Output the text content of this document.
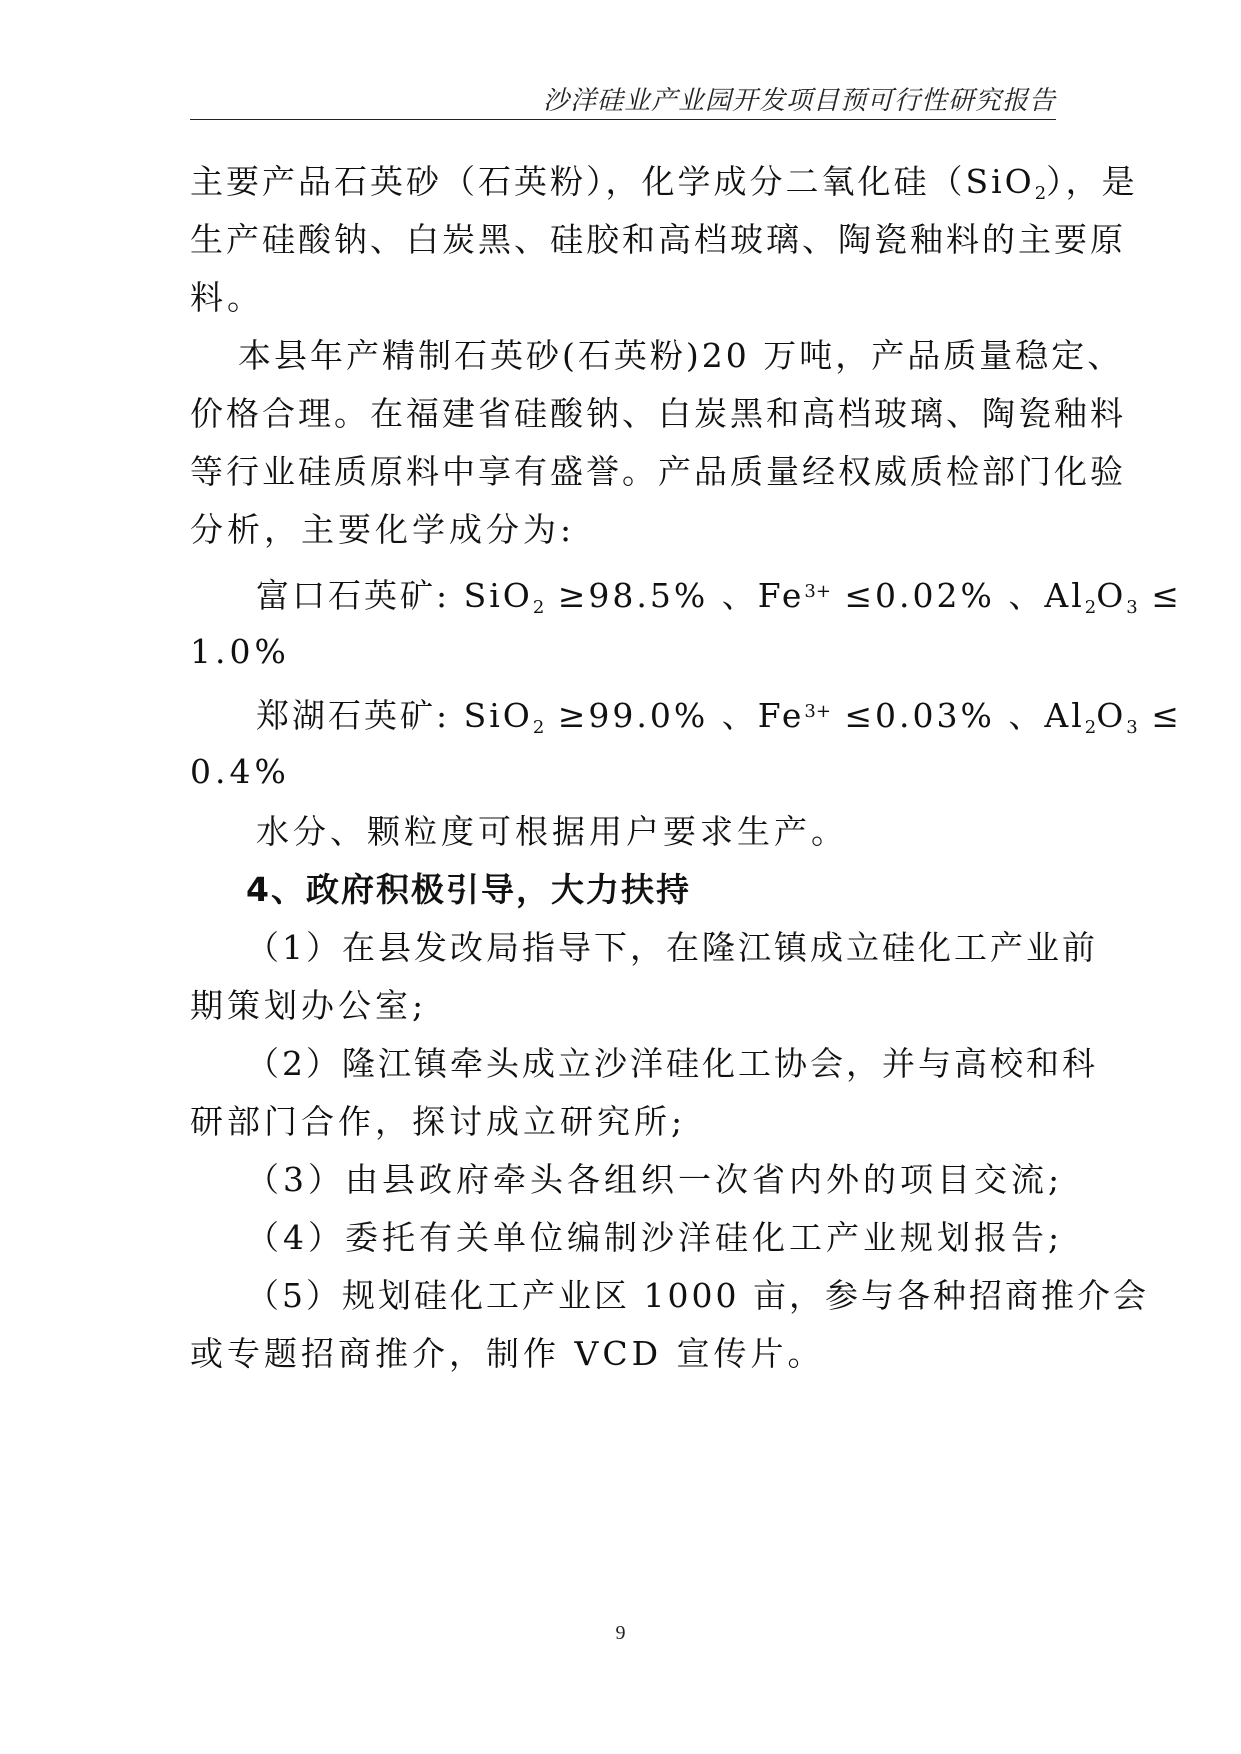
沙洋硅业产业园开发项目预可行性研究报告
主要产品石英砂（石英粉），化学成分二氧化硅（SiO$_2$），是
生产硅酸钠、白炭黑、硅胶和高档玻璃、陶瓷釉料的主要原
料。
本县年产精制石英砂(石英粉)20 万吨，产品质量稳定、
价格合理。在福建省硅酸钠、白炭黑和高档玻璃、陶瓷釉料
等行业硅质原料中享有盛誉。产品质量经权威质检部门化验
分析，主要化学成分为:
富口石英矿: SiO$_2$ ≥98.5% 、$Fe^{3+} \le 0.02\%$ 、$Al_2O_3$ ≤
1.0%
郑湖石英矿: SiO$_2$ ≥99.0% 、$Fe^{3+} \le 0.03\%$ 、$Al_2O_3$ ≤
0.4%
水分、颗粒度可根据用户要求生产。
4、政府积极引导，大力扶持
（1）在县发改局指导下，在隆江镇成立硅化工产业前
期策划办公室;
（2）隆江镇牵头成立沙洋硅化工协会，并与高校和科
研部门合作，探讨成立研究所;
（3）由县政府牵头各组织一次省内外的项目交流;
（4）委托有关单位编制沙洋硅化工产业规划报告;
（5）规划硅化工产业区 1000 亩，参与各种招商推介会
或专题招商推介，制作 VCD 宣传片。
9
